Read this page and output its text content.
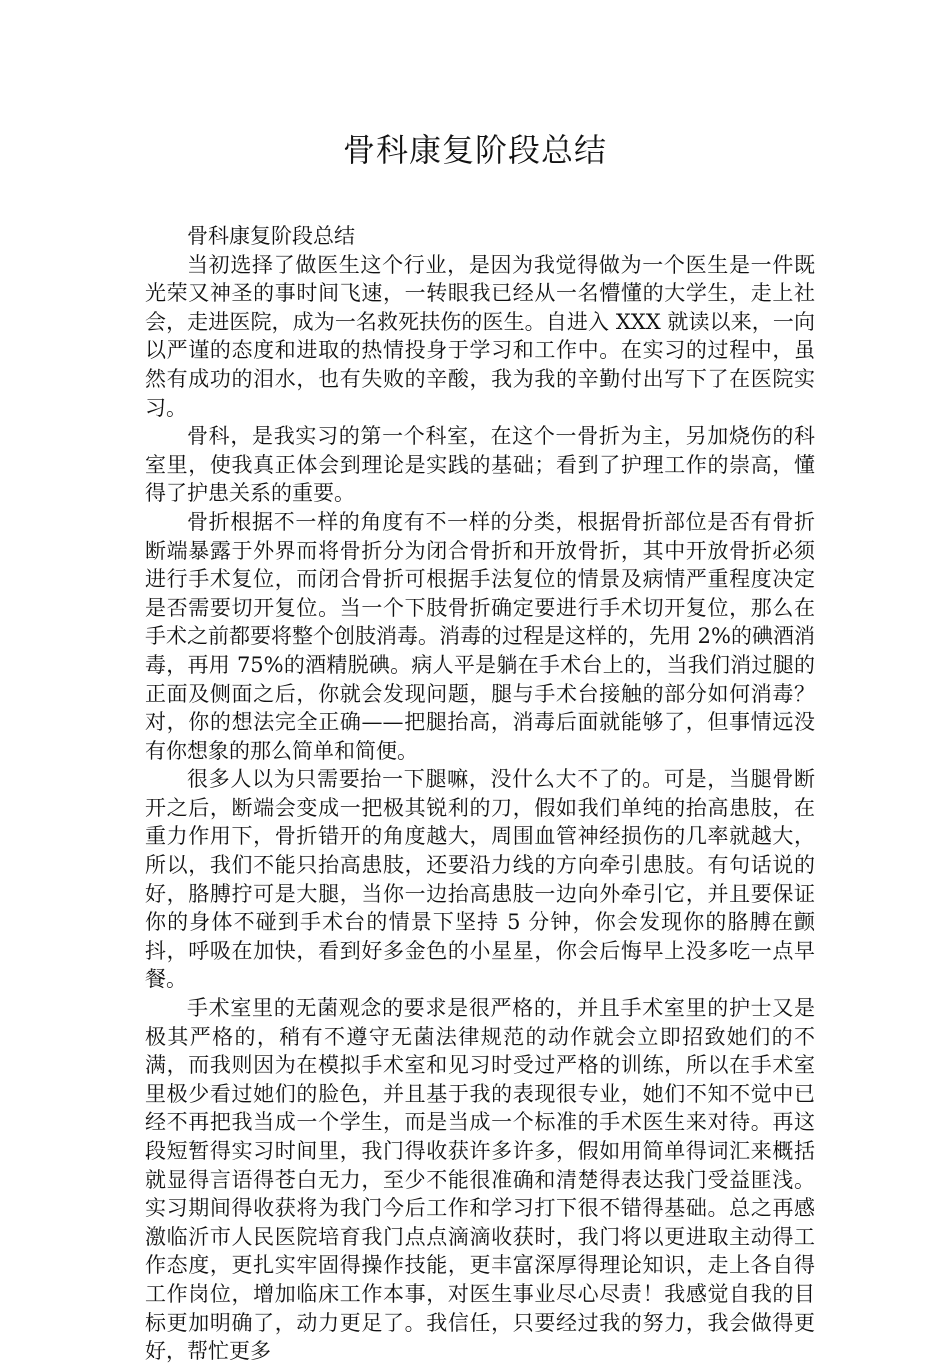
骨科康复阶段总结

骨科康复阶段总结

当初选择了做医生这个行业，是因为我觉得做为一个医生是一件既光荣又神圣的事时间飞速，一转眼我已经从一名懵懂的大学生，走上社会，走进医院，成为一名救死扶伤的医生。自进入 XXX 就读以来，一向以严谨的态度和进取的热情投身于学习和工作中。在实习的过程中，虽然有成功的泪水，也有失败的辛酸，我为我的辛勤付出写下了在医院实习。

骨科，是我实习的第一个科室，在这个一骨折为主，另加烧伤的科室里，使我真正体会到理论是实践的基础；看到了护理工作的崇高，懂得了护患关系的重要。

骨折根据不一样的角度有不一样的分类，根据骨折部位是否有骨折断端暴露于外界而将骨折分为闭合骨折和开放骨折，其中开放骨折必须进行手术复位，而闭合骨折可根据手法复位的情景及病情严重程度决定是否需要切开复位。当一个下肢骨折确定要进行手术切开复位，那么在手术之前都要将整个创肢消毒。消毒的过程是这样的，先用 2%的碘酒消毒，再用 75%的酒精脱碘。病人平是躺在手术台上的，当我们消过腿的正面及侧面之后，你就会发现问题，腿与手术台接触的部分如何消毒？对，你的想法完全正确——把腿抬高，消毒后面就能够了，但事情远没有你想象的那么简单和简便。

很多人以为只需要抬一下腿嘛，没什么大不了的。可是，当腿骨断开之后，断端会变成一把极其锐利的刀，假如我们单纯的抬高患肢，在重力作用下，骨折错开的角度越大，周围血管神经损伤的几率就越大，所以，我们不能只抬高患肢，还要沿力线的方向牵引患肢。有句话说的好，胳膊拧可是大腿，当你一边抬高患肢一边向外牵引它，并且要保证你的身体不碰到手术台的情景下坚持 5 分钟，你会发现你的胳膊在颤抖，呼吸在加快，看到好多金色的小星星，你会后悔早上没多吃一点早餐。

手术室里的无菌观念的要求是很严格的，并且手术室里的护士又是极其严格的，稍有不遵守无菌法律规范的动作就会立即招致她们的不满，而我则因为在模拟手术室和见习时受过严格的训练，所以在手术室里极少看过她们的脸色，并且基于我的表现很专业，她们不知不觉中已经不再把我当成一个学生，而是当成一个标准的手术医生来对待。再这段短暂得实习时间里，我门得收获许多许多，假如用简单得词汇来概括就显得言语得苍白无力，至少不能很准确和清楚得表达我门受益匪浅。实习期间得收获将为我门今后工作和学习打下很不错得基础。总之再感激临沂市人民医院培育我门点点滴滴收获时，我门将以更进取主动得工作态度，更扎实牢固得操作技能，更丰富深厚得理论知识，走上各自得工作岗位，增加临床工作本事，对医生事业尽心尽责！我感觉自我的目标更加明确了，动力更足了。我信任，只要经过我的努力，我会做得更好，帮忙更多
